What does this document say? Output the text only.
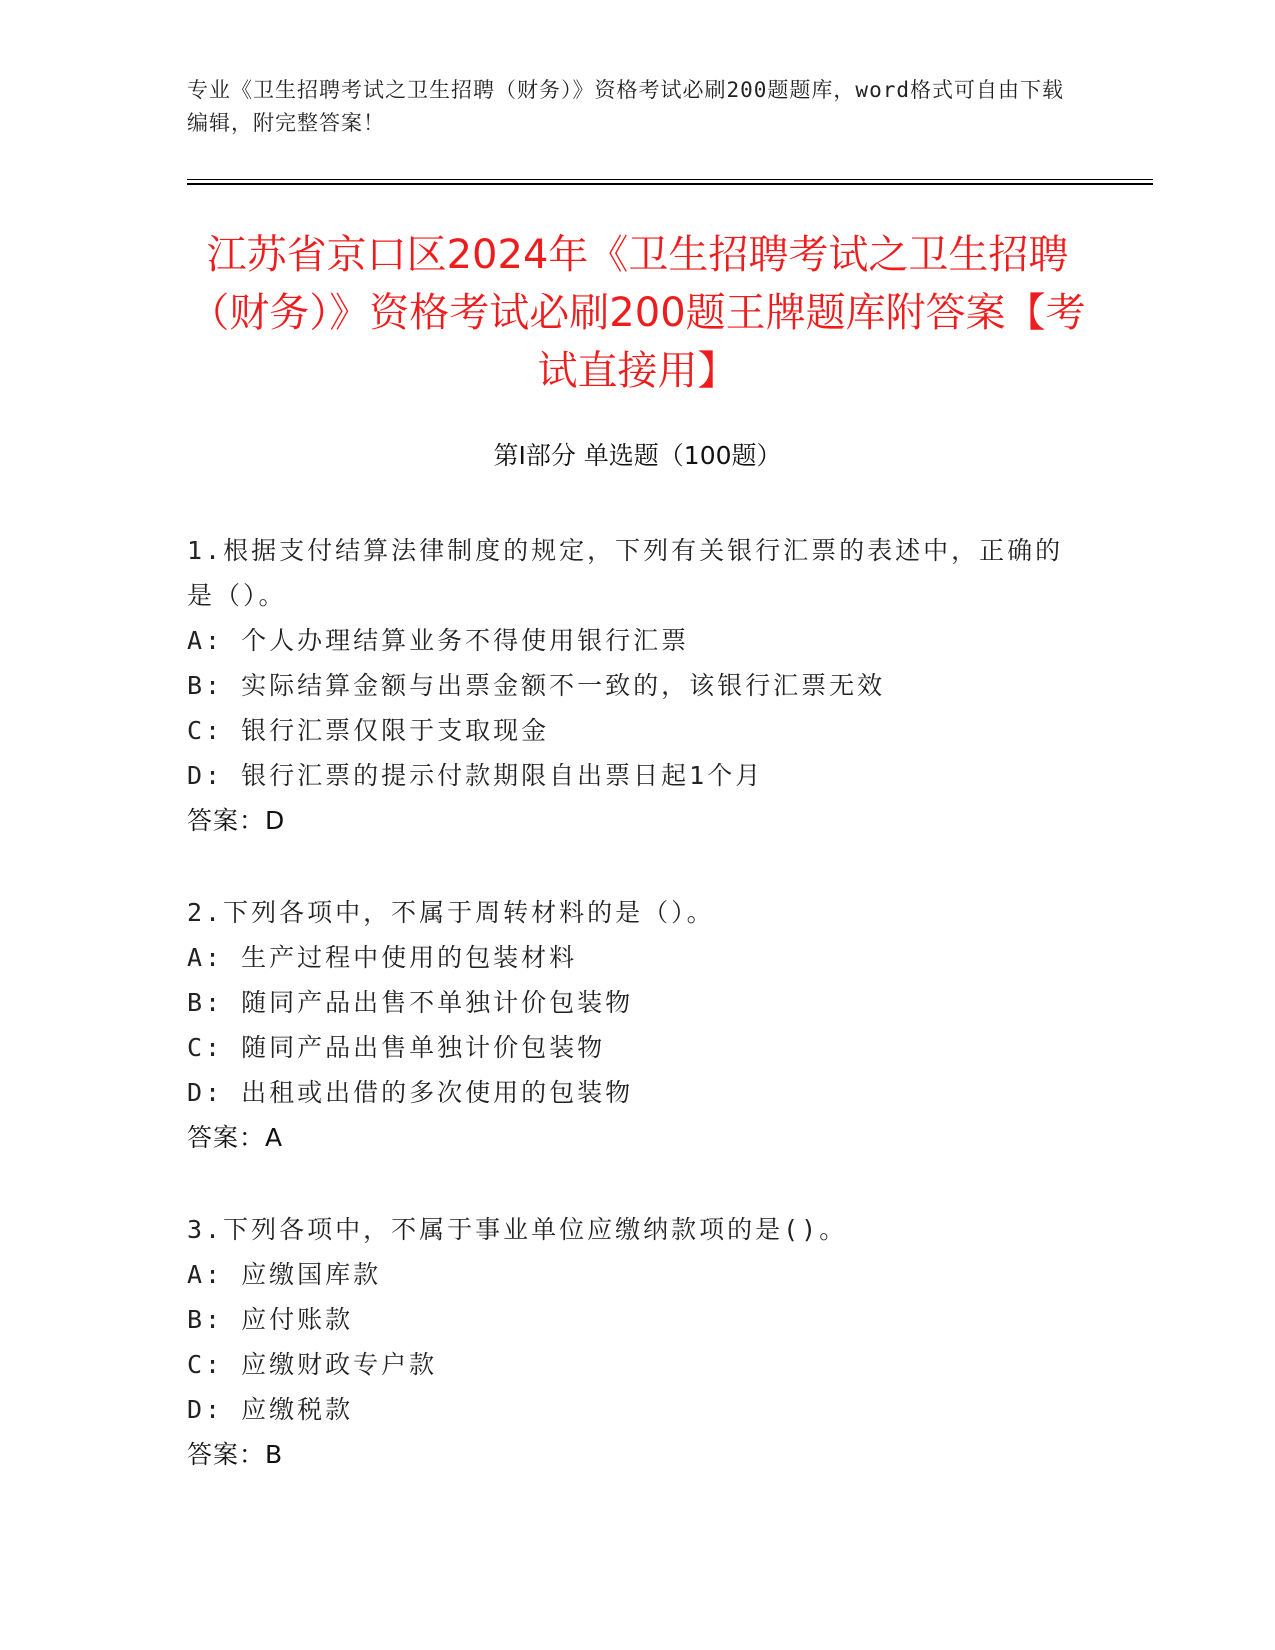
专业《卫生招聘考试之卫生招聘（财务）》资格考试必刷200题题库，word格式可自由下载编辑，附完整答案！
江苏省京口区2024年《卫生招聘考试之卫生招聘（财务）》资格考试必刷200题王牌题库附答案【考试直接用】
第Ⅰ部分 单选题（100题）
1.根据支付结算法律制度的规定，下列有关银行汇票的表述中，正确的是（）。
A: 个人办理结算业务不得使用银行汇票
B: 实际结算金额与出票金额不一致的，该银行汇票无效
C: 银行汇票仅限于支取现金
D: 银行汇票的提示付款期限自出票日起1个月
答案：D
2.下列各项中，不属于周转材料的是（）。
A: 生产过程中使用的包装材料
B: 随同产品出售不单独计价包装物
C: 随同产品出售单独计价包装物
D: 出租或出借的多次使用的包装物
答案：A
3.下列各项中，不属于事业单位应缴纳款项的是()。
A: 应缴国库款
B: 应付账款
C: 应缴财政专户款
D: 应缴税款
答案：B
